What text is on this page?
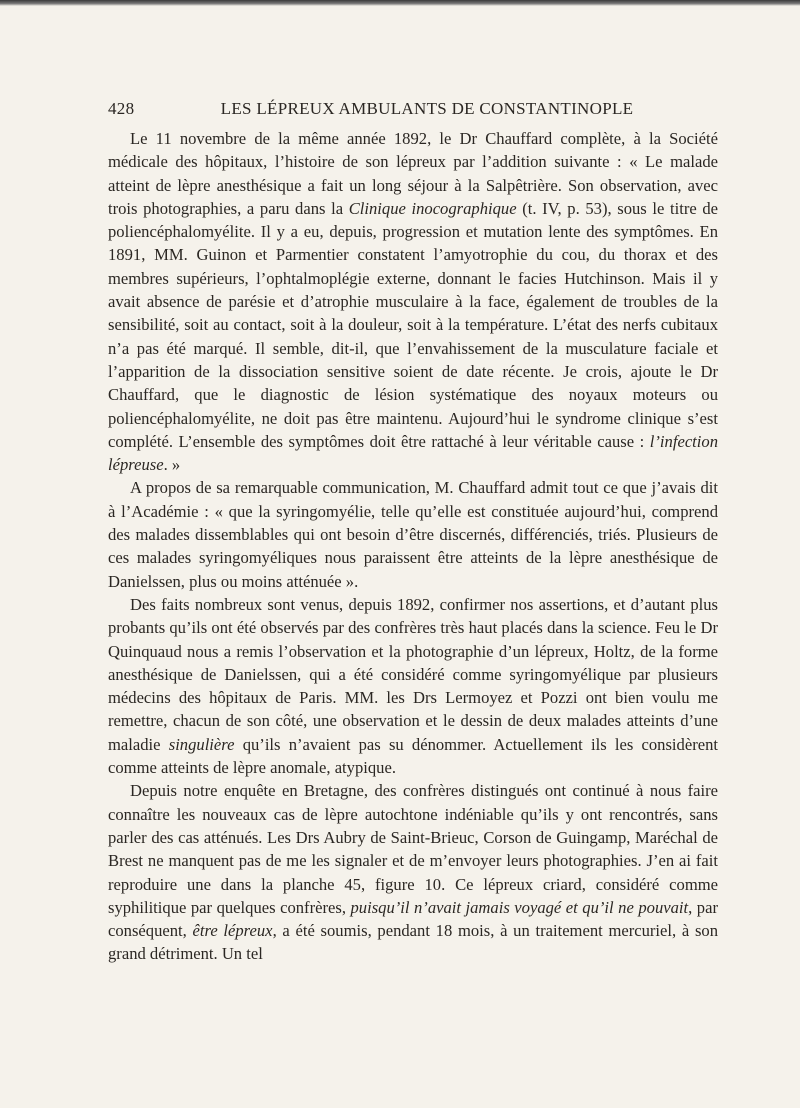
428	LES LÉPREUX AMBULANTS DE CONSTANTINOPLE

Le 11 novembre de la même année 1892, le Dr Chauffard complète, à la Société médicale des hôpitaux, l’histoire de son lépreux par l’addition suivante : « Le malade atteint de lèpre anesthésique a fait un long séjour à la Salpêtrière. Son observation, avec trois photographies, a paru dans la Clinique inocographique (t. IV, p. 53), sous le titre de poliencéphalomyélite. Il y a eu, depuis, progression et mutation lente des symptômes. En 1891, MM. Guinon et Parmentier constatent l’amyotrophie du cou, du thorax et des membres supérieurs, l’ophtalmoplégie externe, donnant le facies Hutchinson. Mais il y avait absence de parésie et d’atrophie musculaire à la face, également de troubles de la sensibilité, soit au contact, soit à la douleur, soit à la température. L’état des nerfs cubitaux n’a pas été marqué. Il semble, dit-il, que l’envahissement de la musculature faciale et l’apparition de la dissociation sensitive soient de date récente. Je crois, ajoute le Dr Chauffard, que le diagnostic de lésion systématique des noyaux moteurs ou poliencéphalomyélite, ne doit pas être maintenu. Aujourd’hui le syndrome clinique s’est complété. L’ensemble des symptômes doit être rattaché à leur véritable cause : l’infection lépreuse. »

A propos de sa remarquable communication, M. Chauffard admit tout ce que j’avais dit à l’Académie : « que la syringomyélie, telle qu’elle est constituée aujourd’hui, comprend des malades dissemblables qui ont besoin d’être discernés, différenciés, triés. Plusieurs de ces malades syringomyéliques nous paraissent être atteints de la lèpre anesthésique de Danielssen, plus ou moins atténuée ».

Des faits nombreux sont venus, depuis 1892, confirmer nos assertions, et d’autant plus probants qu’ils ont été observés par des confrères très haut placés dans la science. Feu le Dr Quinquaud nous a remis l’observation et la photographie d’un lépreux, Holtz, de la forme anesthésique de Danielssen, qui a été considéré comme syringomyélique par plusieurs médecins des hôpitaux de Paris. MM. les Drs Lermoyez et Pozzi ont bien voulu me remettre, chacun de son côté, une observation et le dessin de deux malades atteints d’une maladie singulière qu’ils n’avaient pas su dénommer. Actuellement ils les considèrent comme atteints de lèpre anomale, atypique.

Depuis notre enquête en Bretagne, des confrères distingués ont continué à nous faire connaître les nouveaux cas de lèpre autochtone indéniable qu’ils y ont rencontrés, sans parler des cas atténués. Les Drs Aubry de Saint-Brieuc, Corson de Guingamp, Maréchal de Brest ne manquent pas de me les signaler et de m’envoyer leurs photographies. J’en ai fait reproduire une dans la planche 45, figure 10. Ce lépreux criard, considéré comme syphilitique par quelques confrères, puisqu’il n’avait jamais voyagé et qu’il ne pouvait, par conséquent, être lépreux, a été soumis, pendant 18 mois, à un traitement mercuriel, à son grand détriment. Un tel
